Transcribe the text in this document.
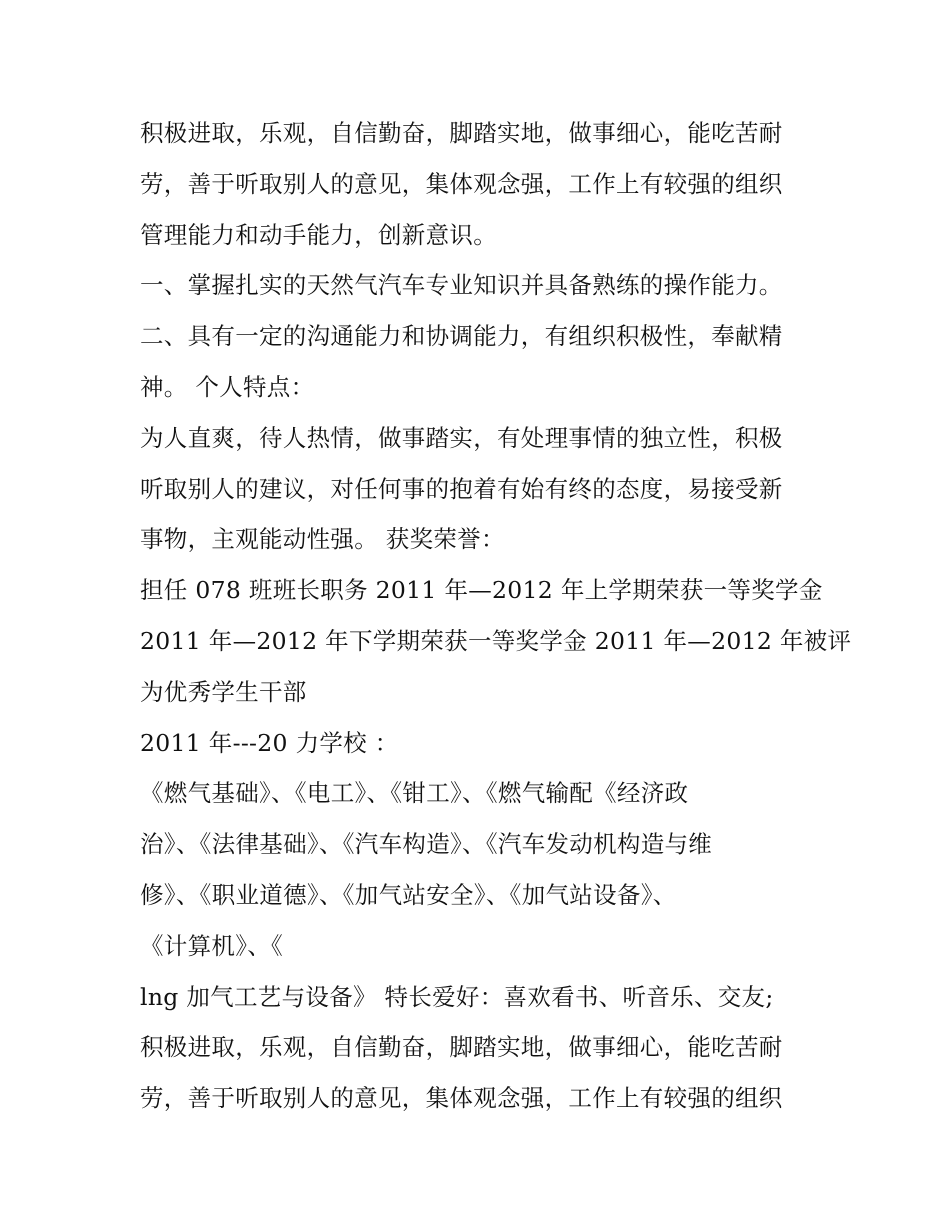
积极进取，乐观，自信勤奋，脚踏实地，做事细心，能吃苦耐
劳，善于听取别人的意见，集体观念强，工作上有较强的组织
管理能力和动手能力，创新意识。
一、掌握扎实的天然气汽车专业知识并具备熟练的操作能力。
二、具有一定的沟通能力和协调能力，有组织积极性，奉献精
神。 个人特点：
为人直爽，待人热情，做事踏实，有处理事情的独立性，积极
听取别人的建议，对任何事的抱着有始有终的态度，易接受新
事物，主观能动性强。 获奖荣誉：
担任 078 班班长职务 2011 年—2012 年上学期荣获一等奖学金
2011 年—2012 年下学期荣获一等奖学金 2011 年—2012 年被评
为优秀学生干部
2011 年---20 力学校 ：
《燃气基础》、《电工》、《钳工》、《燃气输配《经济政
治》、《法律基础》、《汽车构造》、《汽车发动机构造与维
修》、《职业道德》、《加气站安全》、《加气站设备》、
《计算机》、《
lng 加气工艺与设备》 特长爱好：喜欢看书、听音乐、交友;
积极进取，乐观，自信勤奋，脚踏实地，做事细心，能吃苦耐
劳，善于听取别人的意见，集体观念强，工作上有较强的组织
